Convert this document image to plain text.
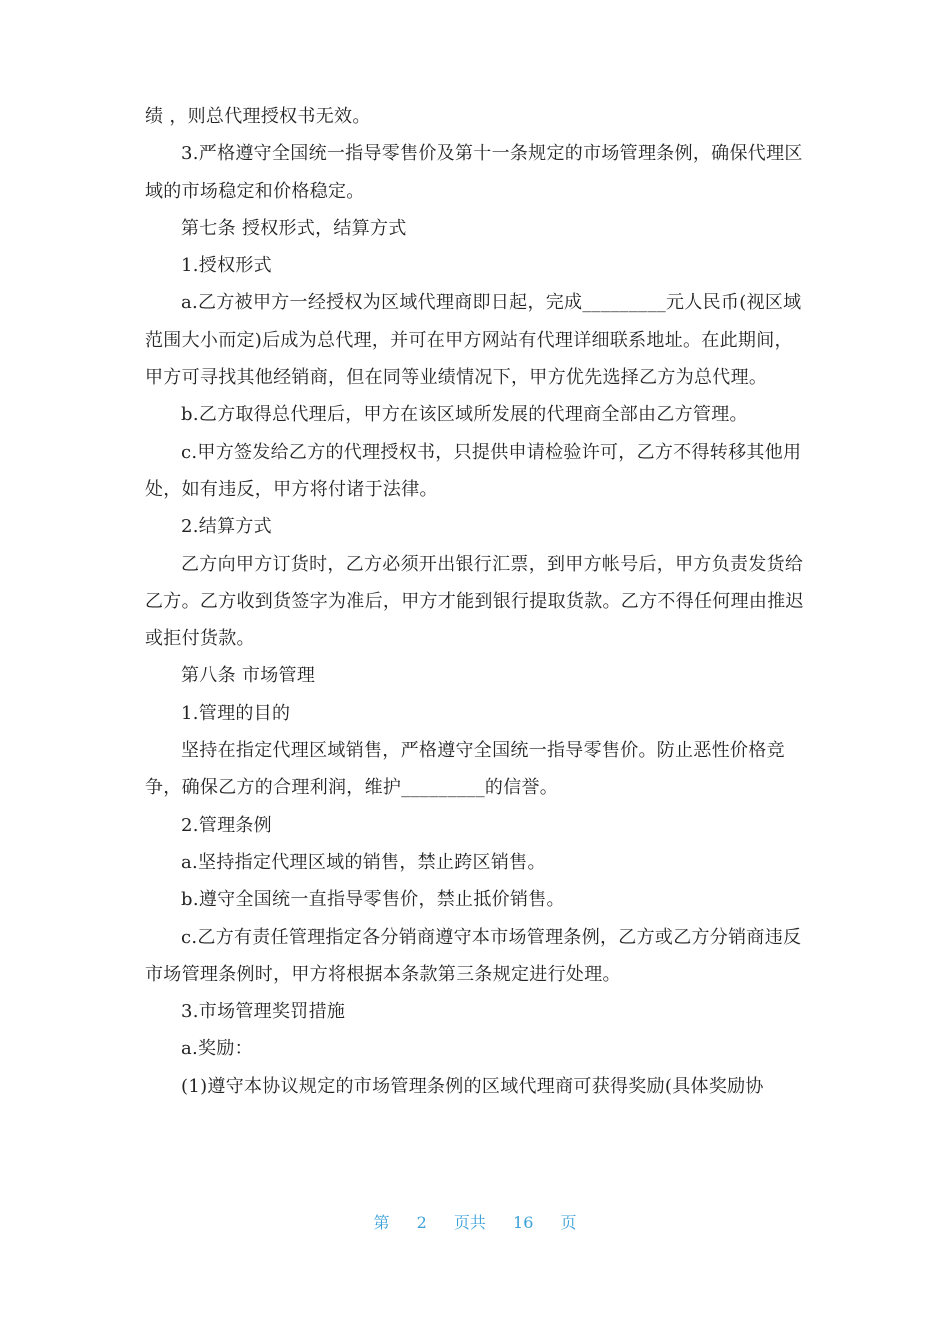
绩 ，则总代理授权书无效。

3.严格遵守全国统一指导零售价及第十一条规定的市场管理条例，确保代理区域的市场稳定和价格稳定。

第七条 授权形式，结算方式

1.授权形式

a.乙方被甲方一经授权为区域代理商即日起，完成_________元人民币(视区域范围大小而定)后成为总代理，并可在甲方网站有代理详细联系地址。在此期间，甲方可寻找其他经销商，但在同等业绩情况下，甲方优先选择乙方为总代理。

b.乙方取得总代理后，甲方在该区域所发展的代理商全部由乙方管理。

c.甲方签发给乙方的代理授权书，只提供申请检验许可，乙方不得转移其他用处，如有违反，甲方将付诸于法律。

2.结算方式

乙方向甲方订货时，乙方必须开出银行汇票，到甲方帐号后，甲方负责发货给乙方。乙方收到货签字为准后，甲方才能到银行提取货款。乙方不得任何理由推迟或拒付货款。

第八条 市场管理

1.管理的目的

坚持在指定代理区域销售，严格遵守全国统一指导零售价。防止恶性价格竞争，确保乙方的合理利润，维护_________的信誉。

2.管理条例

a.坚持指定代理区域的销售，禁止跨区销售。

b.遵守全国统一直指导零售价，禁止抵价销售。

c.乙方有责任管理指定各分销商遵守本市场管理条例，乙方或乙方分销商违反市场管理条例时，甲方将根据本条款第三条规定进行处理。

3.市场管理奖罚措施

a.奖励：

(1)遵守本协议规定的市场管理条例的区域代理商可获得奖励(具体奖励协

第 2 页共 16 页
